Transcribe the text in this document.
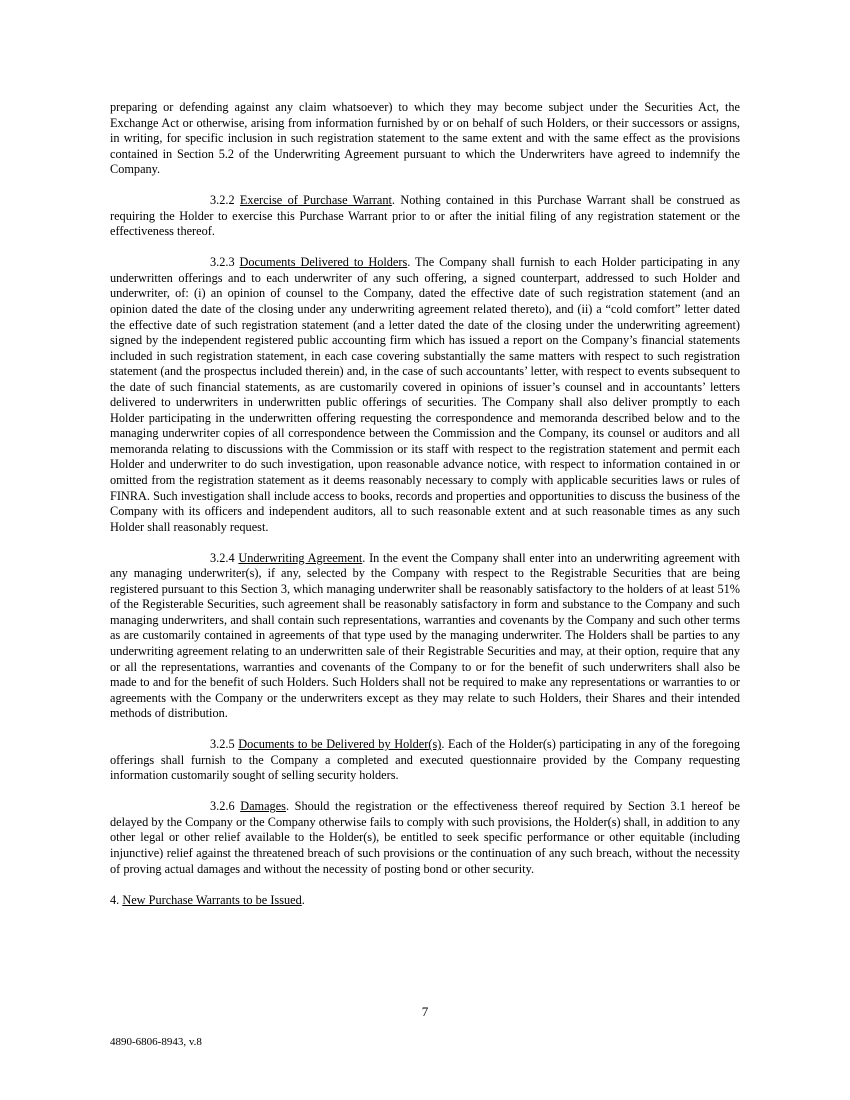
preparing or defending against any claim whatsoever) to which they may become subject under the Securities Act, the Exchange Act or otherwise, arising from information furnished by or on behalf of such Holders, or their successors or assigns, in writing, for specific inclusion in such registration statement to the same extent and with the same effect as the provisions contained in Section 5.2 of the Underwriting Agreement pursuant to which the Underwriters have agreed to indemnify the Company.

3.2.2 Exercise of Purchase Warrant. Nothing contained in this Purchase Warrant shall be construed as requiring the Holder to exercise this Purchase Warrant prior to or after the initial filing of any registration statement or the effectiveness thereof.

3.2.3 Documents Delivered to Holders. The Company shall furnish to each Holder participating in any underwritten offerings and to each underwriter of any such offering, a signed counterpart, addressed to such Holder and underwriter, of: (i) an opinion of counsel to the Company, dated the effective date of such registration statement (and an opinion dated the date of the closing under any underwriting agreement related thereto), and (ii) a “cold comfort” letter dated the effective date of such registration statement (and a letter dated the date of the closing under the underwriting agreement) signed by the independent registered public accounting firm which has issued a report on the Company’s financial statements included in such registration statement, in each case covering substantially the same matters with respect to such registration statement (and the prospectus included therein) and, in the case of such accountants’ letter, with respect to events subsequent to the date of such financial statements, as are customarily covered in opinions of issuer’s counsel and in accountants’ letters delivered to underwriters in underwritten public offerings of securities. The Company shall also deliver promptly to each Holder participating in the underwritten offering requesting the correspondence and memoranda described below and to the managing underwriter copies of all correspondence between the Commission and the Company, its counsel or auditors and all memoranda relating to discussions with the Commission or its staff with respect to the registration statement and permit each Holder and underwriter to do such investigation, upon reasonable advance notice, with respect to information contained in or omitted from the registration statement as it deems reasonably necessary to comply with applicable securities laws or rules of FINRA. Such investigation shall include access to books, records and properties and opportunities to discuss the business of the Company with its officers and independent auditors, all to such reasonable extent and at such reasonable times as any such Holder shall reasonably request.

3.2.4 Underwriting Agreement. In the event the Company shall enter into an underwriting agreement with any managing underwriter(s), if any, selected by the Company with respect to the Registrable Securities that are being registered pursuant to this Section 3, which managing underwriter shall be reasonably satisfactory to the holders of at least 51% of the Registerable Securities, such agreement shall be reasonably satisfactory in form and substance to the Company and such managing underwriters, and shall contain such representations, warranties and covenants by the Company and such other terms as are customarily contained in agreements of that type used by the managing underwriter. The Holders shall be parties to any underwriting agreement relating to an underwritten sale of their Registrable Securities and may, at their option, require that any or all the representations, warranties and covenants of the Company to or for the benefit of such underwriters shall also be made to and for the benefit of such Holders. Such Holders shall not be required to make any representations or warranties to or agreements with the Company or the underwriters except as they may relate to such Holders, their Shares and their intended methods of distribution.

3.2.5 Documents to be Delivered by Holder(s). Each of the Holder(s) participating in any of the foregoing offerings shall furnish to the Company a completed and executed questionnaire provided by the Company requesting information customarily sought of selling security holders.

3.2.6 Damages. Should the registration or the effectiveness thereof required by Section 3.1 hereof be delayed by the Company or the Company otherwise fails to comply with such provisions, the Holder(s) shall, in addition to any other legal or other relief available to the Holder(s), be entitled to seek specific performance or other equitable (including injunctive) relief against the threatened breach of such provisions or the continuation of any such breach, without the necessity of proving actual damages and without the necessity of posting bond or other security.

4. New Purchase Warrants to be Issued.

7

4890-6806-8943, v.8
